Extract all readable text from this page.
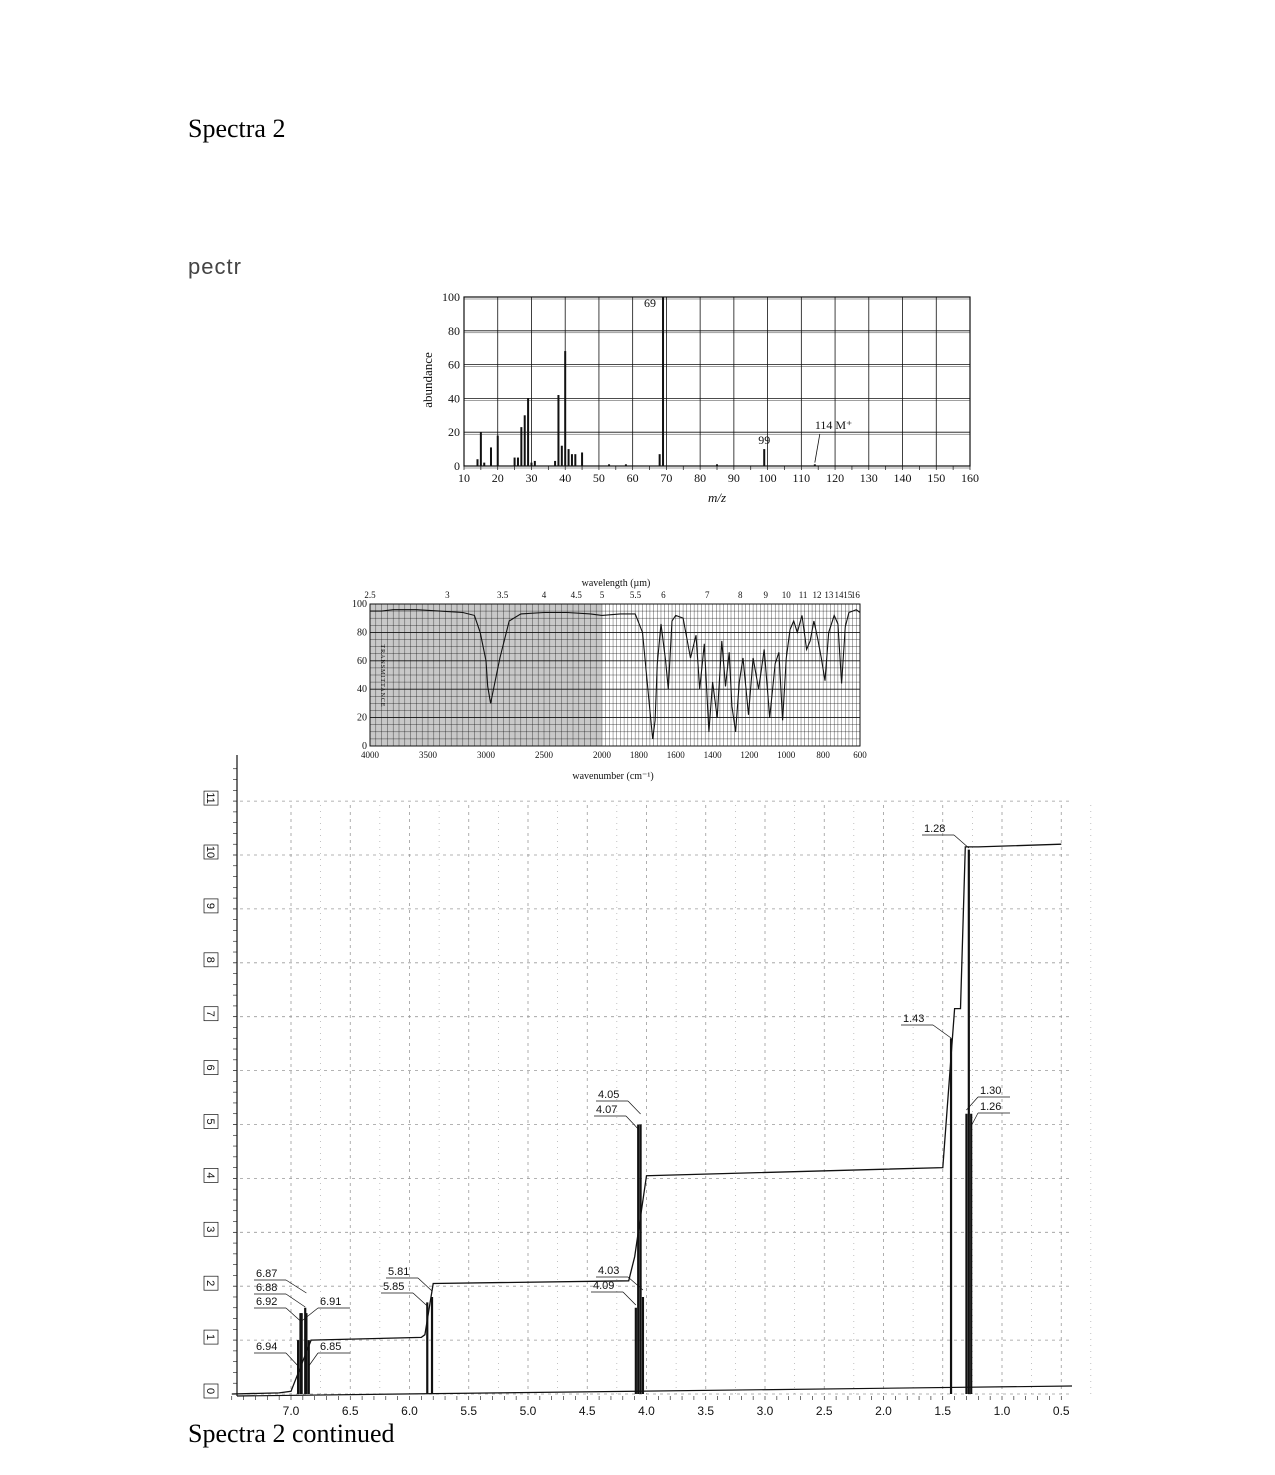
Spectra 2
pectr
10 20 30 40 50 60 70 80 90 100 110 120 130 140 150 160
0
20
40
60
80
100
abundance
m/z
69
99
114 M⁺
0
20
40
60
80
100
4000	3500	3000	2500	2000 1800 1600 1400 1200 1000 800	600
2.5	3	3.5	4	4.5 5	5.5 6	7	8 9 10 11 12 13 14 15
16
wavelength (µm)
wavenumber (cm⁻¹)
TRANSMITTANCE
7.0	6.5	6.0	5.5	5.0	4.5	4.0	3.5	3.0	2.5	2.0	1.5	1.0	0.5
0
1
2
3
4
5
6
7
8
9
10
11
6.87
6.88
6.92	6.91
6.94	6.85
5.81
5.85
4.05
4.07
4.03
4.09
1.28
1.43
1.30
1.26
Spectra 2 continued
